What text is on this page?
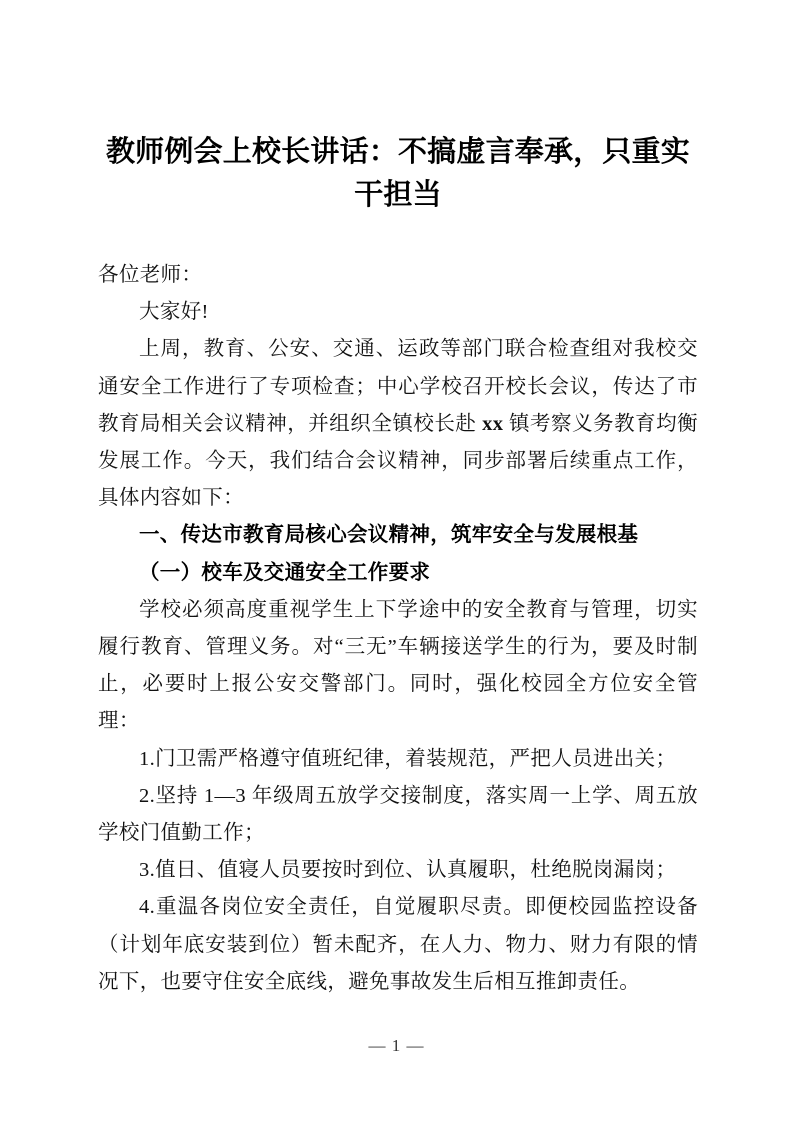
教师例会上校长讲话：不搞虚言奉承，只重实干担当

各位老师：

大家好!

上周，教育、公安、交通、运政等部门联合检查组对我校交通安全工作进行了专项检查；中心学校召开校长会议，传达了市教育局相关会议精神，并组织全镇校长赴 xx 镇考察义务教育均衡发展工作。今天，我们结合会议精神，同步部署后续重点工作，具体内容如下：

一、传达市教育局核心会议精神，筑牢安全与发展根基

（一）校车及交通安全工作要求

学校必须高度重视学生上下学途中的安全教育与管理，切实履行教育、管理义务。对“三无”车辆接送学生的行为，要及时制止，必要时上报公安交警部门。同时，强化校园全方位安全管理：

1.门卫需严格遵守值班纪律，着装规范，严把人员进出关；

2.坚持 1—3 年级周五放学交接制度，落实周一上学、周五放学校门值勤工作；

3.值日、值寝人员要按时到位、认真履职，杜绝脱岗漏岗；

4.重温各岗位安全责任，自觉履职尽责。即便校园监控设备（计划年底安装到位）暂未配齐，在人力、物力、财力有限的情况下，也要守住安全底线，避免事故发生后相互推卸责任。

— 1 —
